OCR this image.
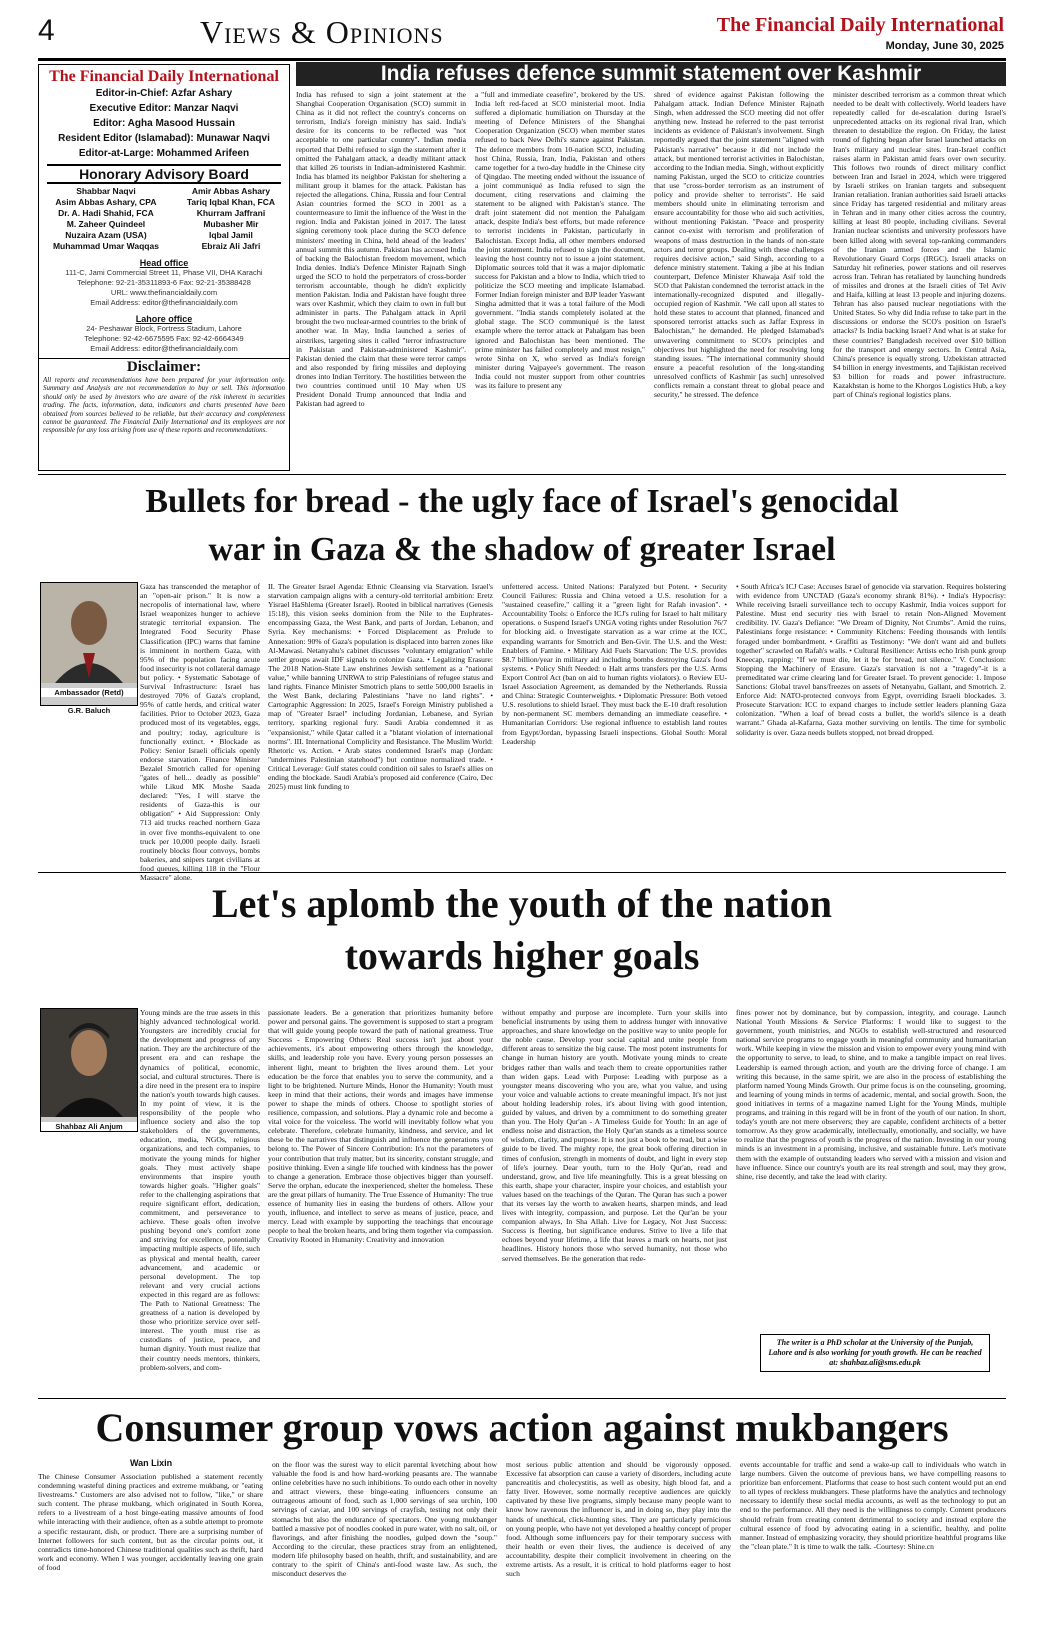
4	Views & Opinions	The Financial Daily International
Monday, June 30, 2025
The Financial Daily International
Editor-in-Chief: Azfar Ashary
Executive Editor: Manzar Naqvi
Editor: Agha Masood Hussain
Resident Editor (Islamabad): Munawar Naqvi
Editor-at-Large: Mohammed Arifeen
Honorary Advisory Board
Shabbar Naqvi
Asim Abbas Ashary, CPA
Dr. A. Hadi Shahid, FCA
M. Zaheer Quindeel
Nuzaira Azam (USA)
Muhammad Umar Waqqas
Amir Abbas Ashary
Tariq Iqbal Khan, FCA
Khurram Jaffrani
Mubasher Mir
Iqbal Jamil
Ebraiz Ali Jafri
Head office
111-C, Jami Commercial Street 11, Phase VII, DHA Karachi
Telephone: 92-21-35311893-6 Fax: 92-21-35388428
URL: www.thefinancialdaily.com
Email Address: editor@thefinancialdaily.com
Lahore office
24- Peshawar Block, Fortress Stadium, Lahore
Telephone: 92-42-6675595 Fax: 92-42-6664349
Email Address: editor@thefinancialdaily.com
Disclaimer:
All reports and recommendations have been prepared for your information only. Summary and Analysis are not recommendation to buy or sell. This information should only be used by investors who are aware of the risk inherent in securities trading. The facts, information, data, indicators and charts presented have been obtained from sources believed to be reliable, but their accuracy and completeness cannot be guaranteed. The Financial Daily International and its employees are not responsible for any loss arising from use of these reports and recommendations.
India refuses defence summit statement over Kashmir
India has refused to sign a joint statement at the Shanghai Cooperation Organisation (SCO) summit in China as it did not reflect the country's concerns on terrorism, India's foreign ministry has said. India's desire for its concerns to be reflected was "not acceptable to one particular country". Indian media reported that Delhi refused to sign the statement after it omitted the Pahalgam attack, a deadly militant attack that killed 26 tourists in Indian-administered Kashmir. India has blamed its neighbor Pakistan for sheltering a militant group it blames for the attack. Pakistan has rejected the allegations. China, Russia and four Central Asian countries formed the SCO in 2001 as a countermeasure to limit the influence of the West in the region. India and Pakistan joined in 2017. The latest signing ceremony took place during the SCO defence ministers' meeting in China, held ahead of the leaders' annual summit this autumn. Pakistan has accused India of backing the Balochistan freedom movement, which India denies. India's Defence Minister Rajnath Singh urged the SCO to hold the perpetrators of cross-border terrorism accountable, though he didn't explicitly mention Pakistan. India and Pakistan have fought three wars over Kashmir, which they claim to own in full but administer in parts. The Pahalgam attack in April brought the two nuclear-armed countries to the brink of another war. In May, India launched a series of airstrikes, targeting sites it called "terror infrastructure in Pakistan and Pakistan-administered Kashmir". Pakistan denied the claim that these were terror camps and also responded by firing missiles and deploying drones into Indian Territory. The hostilities between the two countries continued until 10 May when US President Donald Trump announced that India and Pakistan had agreed to
a "full and immediate ceasefire", brokered by the US. India left red-faced at SCO ministerial moot. India suffered a diplomatic humiliation on Thursday at the meeting of Defence Ministers of the Shanghai Cooperation Organization (SCO) when member states refused to back New Delhi's stance against Pakistan. The defence members from 10-nation SCO, including host China, Russia, Iran, India, Pakistan and others came together for a two-day huddle in the Chinese city of Qingdao. The meeting ended without the issuance of a joint communiqué as India refused to sign the document, citing reservations and claiming the statement to be aligned with Pakistan's stance. The draft joint statement did not mention the Pahalgam attack, despite India's best efforts, but made reference to terrorist incidents in Pakistan, particularly in Balochistan. Except India, all other members endorsed the joint statement. India refused to sign the document, leaving the host country not to issue a joint statement. Diplomatic sources told that it was a major diplomatic success for Pakistan and a blow to India, which tried to politicize the SCO meeting and implicate Islamabad. Former Indian foreign minister and BJP leader Yaswant Singha admitted that it was a total failure of the Modi government. "India stands completely isolated at the global stage. The SCO communiqué is the latest example where the terror attack at Pahalgam has been ignored and Balochistan has been mentioned. The prime minister has failed completely and must resign," wrote Sinha on X, who served as India's foreign minister during Vajpayee's government. The reason India could not muster support from other countries was its failure to present any
shred of evidence against Pakistan following the Pahalgam attack. Indian Defence Minister Rajnath Singh, when addressed the SCO meeting did not offer anything new. Instead he referred to the past terrorist incidents as evidence of Pakistan's involvement. Singh reportedly argued that the joint statement "aligned with Pakistan's narrative" because it did not include the attack, but mentioned terrorist activities in Balochistan, according to the Indian media. Singh, without explicitly naming Pakistan, urged the SCO to criticize countries that use "cross-border terrorism as an instrument of policy and provide shelter to terrorists". He said members should unite in eliminating terrorism and ensure accountability for those who aid such activities, without mentioning Pakistan. "Peace and prosperity cannot co-exist with terrorism and proliferation of weapons of mass destruction in the hands of non-state actors and terror groups. Dealing with these challenges requires decisive action," said Singh, according to a defence ministry statement. Taking a jibe at his Indian counterpart, Defence Minister Khawaja Asif told the SCO that Pakistan condemned the terrorist attack in the internationally-recognized disputed and illegally-occupied region of Kashmir. "We call upon all states to hold these states to account that planned, financed and sponsored terrorist attacks such as Jaffar Express in Balochistan," he demanded. He pledged Islamabad's unwavering commitment to SCO's principles and objectives but highlighted the need for resolving long standing issues. "The international community should ensure a peaceful resolution of the long-standing unresolved conflicts of Kashmir [as such] unresolved conflicts remain a constant threat to global peace and security," he stressed. The defence
minister described terrorism as a common threat which needed to be dealt with collectively. World leaders have repeatedly called for de-escalation during Israel's unprecedented attacks on its regional rival Iran, which threaten to destabilize the region. On Friday, the latest round of fighting began after Israel launched attacks on Iran's military and nuclear sites. Iran-Israel conflict raises alarm in Pakistan amid fears over own security. This follows two rounds of direct military conflict between Iran and Israel in 2024, which were triggered by Israeli strikes on Iranian targets and subsequent Iranian retaliation. Iranian authorities said Israeli attacks since Friday has targeted residential and military areas in Tehran and in many other cities across the country, killing at least 80 people, including civilians. Several Iranian nuclear scientists and university professors have been killed along with several top-ranking commanders of the Iranian armed forces and the Islamic Revolutionary Guard Corps (IRGC). Israeli attacks on Saturday hit refineries, power stations and oil reserves across Iran. Tehran has retaliated by launching hundreds of missiles and drones at the Israeli cities of Tel Aviv and Haifa, killing at least 13 people and injuring dozens. Tehran has also paused nuclear negotiations with the United States. So why did India refuse to take part in the discussions or endorse the SCO's position on Israel's attacks? Is India backing Israel? And what is at stake for these countries? Bangladesh received over $10 billion for the transport and energy sectors. In Central Asia, China's presence is equally strong. Uzbekistan attracted $4 billion in energy investments, and Tajikistan received $3 billion for roads and power infrastructure. Kazakhstan is home to the Khorgos Logistics Hub, a key part of China's regional logistics plans.
Bullets for bread - the ugly face of Israel's genocidal
war in Gaza & the shadow of greater Israel
Ambassador (Retd)
G.R. Baluch
Gaza has transcended the metaphor of an "open-air prison." It is now a necropolis of international law, where Israel weaponizes hunger to achieve strategic territorial expansion. The Integrated Food Security Phase Classification (IPC) warns that famine is imminent in northern Gaza, with 95% of the population facing acute food insecurity is not collateral damage but policy. • Systematic Sabotage of Survival Infrastructure: Israel has destroyed 70% of Gaza's cropland, 95% of cattle herds, and critical water facilities. Prior to October 2023, Gaza produced most of its vegetables, eggs, and poultry; today, agriculture is functionally extinct. • Blockade as Policy: Senior Israeli officials openly endorse starvation. Finance Minister Bezalel Smotrich called for opening "gates of hell... deadly as possible" while Likud MK Moshe Saada declared: "Yes, I will starve the residents of Gaza-this is our obligation" • Aid Suppression: Only 713 aid trucks reached northern Gaza in over five months-equivalent to one truck per 10,000 people daily. Israeli routinely blocks flour convoys, bombs bakeries, and snipers target civilians at food queues, killing 118 in the "Flour Massacre" alone.
II. The Greater Israel Agenda: Ethnic Cleansing via Starvation. Israel's starvation campaign aligns with a century-old territorial ambition: Eretz Yisrael HaShlema (Greater Israel). Rooted in biblical narratives (Genesis 15:18), this vision seeks dominion from the Nile to the Euphrates-encompassing Gaza, the West Bank, and parts of Jordan, Lebanon, and Syria. Key mechanisms: • Forced Displacement as Prelude to Annexation: 90% of Gaza's population is displaced into barren zones like Al-Mawasi. Netanyahu's cabinet discusses "voluntary emigration" while settler groups await IDF signals to colonize Gaza. • Legalizing Erasure: The 2018 Nation-State Law enshrines Jewish settlement as a "national value," while banning UNRWA to strip Palestinians of refugee status and land rights. Finance Minister Smotrich plans to settle 500,000 Israelis in the West Bank, declaring Palestinians "have no land rights". • Cartographic Aggression: In 2025, Israel's Foreign Ministry published a map of "Greater Israel" including Jordanian, Lebanese, and Syrian territory, sparking regional fury. Saudi Arabia condemned it as "expansionist," while Qatar called it a "blatant violation of international norms". III. International Complicity and Resistance. The Muslim World: Rhetoric vs. Action. • Arab states condemned Israel's map (Jordan: "undermines Palestinian statehood") but continue normalized trade. • Critical Leverage: Gulf states could condition oil sales to Israel's allies on ending the blockade. Saudi Arabia's proposed aid conference (Cairo, Dec 2025) must link funding to
unfettered access. United Nations: Paralyzed but Potent. • Security Council Failures: Russia and China vetoed a U.S. resolution for a "sustained ceasefire," calling it a "green light for Rafah invasion". • Accountability Tools: o Enforce the ICJ's ruling for Israel to halt military operations. o Suspend Israel's UNGA voting rights under Resolution 76/7 for blocking aid. o Investigate starvation as a war crime at the ICC, expanding warrants for Smotrich and Ben-Gvir. The U.S. and the West: Enablers of Famine. • Military Aid Fuels Starvation: The U.S. provides $8.7 billion/year in military aid including bombs destroying Gaza's food systems. • Policy Shift Needed: o Halt arms transfers per the U.S. Arms Export Control Act (ban on aid to human rights violators). o Review EU-Israel Association Agreement, as demanded by the Netherlands. Russia and China: Strategic Counterweights. • Diplomatic Pressure: Both vetoed U.S. resolutions to shield Israel. They must back the E-10 draft resolution by non-permanent SC members demanding an immediate ceasefire. • Humanitarian Corridors: Use regional influence to establish land routes from Egypt/Jordan, bypassing Israeli inspections. Global South: Moral Leadership
• South Africa's ICJ Case: Accuses Israel of genocide via starvation. Requires bolstering with evidence from UNCTAD (Gaza's economy shrank 81%). • India's Hypocrisy: While receiving Israeli surveillance tech to occupy Kashmir, India voices support for Palestine. Must end security ties with Israel to retain Non-Aligned Movement credibility. IV. Gaza's Defiance: "We Dream of Dignity, Not Crumbs". Amid the ruins, Palestinians forge resistance: • Community Kitchens: Feeding thousands with lentils foraged under bombardment. • Graffiti as Testimony: "We don't want aid and bullets together" scrawled on Rafah's walls. • Cultural Resilience: Artists echo Irish punk group Kneecap, rapping: "If we must die, let it be for bread, not silence." V. Conclusion: Stopping the Machinery of Erasure. Gaza's starvation is not a "tragedy"-it is a premeditated war crime clearing land for Greater Israel. To prevent genocide: 1. Impose Sanctions: Global travel bans/freezes on assets of Netanyahu, Gallant, and Smotrich. 2. Enforce Aid: NATO-protected convoys from Egypt, overriding Israeli blockades. 3. Prosecute Starvation: ICC to expand charges to include settler leaders planning Gaza colonization. "When a loaf of bread costs a bullet, the world's silence is a death warrant." Ghada al-Kafarna, Gaza mother surviving on lentils. The time for symbolic solidarity is over. Gaza needs bullets stopped, not bread dropped.
Let's aplomb the youth of the nation
towards higher goals
Shahbaz Ali Anjum
Young minds are the true assets in this highly advanced technological world. Youngsters are incredibly crucial for the development and progress of any nation. They are the architecture of the present era and can reshape the dynamics of political, economic, social, and cultural structures. There is a dire need in the present era to inspire the nation's youth towards high causes. In my point of view, it is the responsibility of the people who influence society and also the top stakeholders of the governments, education, media, NGOs, religious organizations, and tech companies, to motivate the young minds for higher goals. They must actively shape environments that inspire youth towards higher goals. "Higher goals" refer to the challenging aspirations that require significant effort, dedication, commitment, and perseverance to achieve. These goals often involve pushing beyond one's comfort zone and striving for excellence, potentially impacting multiple aspects of life, such as physical and mental health, career advancement, and academic or personal development. The top relevant and very crucial actions expected in this regard are as follows: The Path to National Greatness: The greatness of a nation is developed by those who prioritize service over self-interest. The youth must rise as custodians of justice, peace, and human dignity. Youth must realize that their country needs mentors, thinkers, problem-solvers, and com-
passionate leaders. Be a generation that prioritizes humanity before power and personal gains. The government is supposed to start a program that will guide young people toward the path of national greatness. True Success - Empowering Others: Real success isn't just about your achievements, it's about empowering others through the knowledge, skills, and leadership role you have. Every young person possesses an inherent light, meant to brighten the lives around them. Let your education be the force that enables you to serve the community, and a light to be brightened. Nurture Minds, Honor the Humanity: Youth must keep in mind that their actions, their words and images have immense power to shape the minds of others. Choose to spotlight stories of resilience, compassion, and solutions. Play a dynamic role and become a vital voice for the voiceless. The world will inevitably follow what you celebrate. Therefore, celebrate humanity, kindness, and service, and let these be the narratives that distinguish and influence the generations you belong to. The Power of Sincere Contribution: It's not the parameters of your contribution that truly matter, but its sincerity, constant struggle, and positive thinking. Even a single life touched with kindness has the power to change a generation. Embrace those objectives bigger than yourself. Serve the orphan, educate the inexperienced, shelter the homeless. These are the great pillars of humanity. The True Essence of Humanity: The true essence of humanity lies in easing the burdens of others. Allow your youth, influence, and intellect to serve as means of justice, peace, and mercy. Lead with example by supporting the teachings that encourage people to heal the broken hearts, and bring them together via compassion. Creativity Rooted in Humanity: Creativity and innovation
without empathy and purpose are incomplete. Turn your skills into beneficial instruments by using them to address hunger with innovative approaches, and share knowledge on the positive way to unite people for the noble cause. Develop your social capital and unite people from different areas to sensitize the big cause. The most potent instruments for change in human history are youth. Motivate young minds to create bridges rather than walls and teach them to create opportunities rather than widen gaps. Lead with Purpose: Leading with purpose as a youngster means discovering who you are, what you value, and using your voice and valuable actions to create meaningful impact. It's not just about holding leadership roles, it's about living with good intention, guided by values, and driven by a commitment to do something greater than you. The Holy Qur'an - A Timeless Guide for Youth: In an age of endless noise and distraction, the Holy Qur'an stands as a timeless source of wisdom, clarity, and purpose. It is not just a book to be read, but a wise guide to be lived. The mighty rope, the great book offering direction in times of confusion, strength in moments of doubt, and light in every step of life's journey. Dear youth, turn to the Holy Qur'an, read and understand, grow, and live life meaningfully. This is a great blessing on this earth, shape your character, inspire your choices, and establish your values based on the teachings of the Quran. The Quran has such a power that its verses lay the worth to awaken hearts, sharpen minds, and lead lives with integrity, compassion, and purpose. Let the Qur'an be your companion always, In Sha Allah. Live for Legacy, Not Just Success: Success is fleeting, but significance endures. Strive to live a life that echoes beyond your lifetime, a life that leaves a mark on hearts, not just headlines. History honors those who served humanity, not those who served themselves. Be the generation that rede-
fines power not by dominance, but by compassion, integrity, and courage. Launch National Youth Missions & Service Platforms: I would like to suggest to the government, youth ministries, and NGOs to establish well-structured and resourced national service programs to engage youth in meaningful community and humanitarian work. While keeping in view the mission and vision to empower every young mind with the opportunity to serve, to lead, to shine, and to make a tangible impact on real lives. Leadership is earned through action, and youth are the driving force of change. I am writing this because, in the same spirit, we are also in the process of establishing the platform named Young Minds Growth. Our prime focus is on the counseling, grooming, and learning of young minds in terms of academic, mental, and social growth. Soon, the good initiatives in terms of a magazine named Light for the Young Minds, multiple programs, and training in this regard will be in front of the youth of our nation. In short, today's youth are not mere observers; they are capable, confident architects of a better tomorrow. As they grow academically, intellectually, emotionally, and socially, we have to realize that the progress of youth is the progress of the nation. Investing in our young minds is an investment in a promising, inclusive, and sustainable future. Let's motivate them with the example of outstanding leaders who served with a mission and vision and have influence. Since our country's youth are its real strength and soul, may they grow, shine, rise decently, and take the lead with clarity.
The writer is a PhD scholar at the University of the Punjab, Lahore and is also working for youth growth. He can be reached at: shahbaz.ali@sms.edu.pk
Consumer group vows action against mukbangers
Wan Lixin
The Chinese Consumer Association published a statement recently condemning wasteful dining practices and extreme mukbang, or "eating livestreams." Customers are also advised not to follow, "like," or share such content. The phrase mukbang, which originated in South Korea, refers to a livestream of a host binge-eating massive amounts of food while interacting with their audience, often as a subtle attempt to promote a specific restaurant, dish, or product. There are a surprising number of Internet followers for such content, but as the circular points out, it contradicts time-honored Chinese traditional qualities such as thrift, hard work and economy. When I was younger, accidentally leaving one grain of food
on the floor was the surest way to elicit parental kvetching about how valuable the food is and how hard-working peasants are. The wannabe online celebrities have no such inhibitions. To outdo each other in novelty and attract viewers, these binge-eating influencers consume an outrageous amount of food, such as 1,000 servings of sea urchin, 100 servings of caviar, and 100 servings of crayfish, testing not only their stomachs but also the endurance of spectators. One young mukbanger battled a massive pot of noodles cooked in pure water, with no salt, oil, or flavorings, and after finishing the noodles, gulped down the "soup." According to the circular, these practices stray from an enlightened, modern life philosophy based on health, thrift, and sustainability, and are contrary to the spirit of China's anti-food waste law. As such, the misconduct deserves the
most serious public attention and should be vigorously opposed. Excessive fat absorption can cause a variety of disorders, including acute pancreatitis and cholecystitis, as well as obesity, high blood fat, and a fatty liver. However, some normally receptive audiences are quickly captivated by these live programs, simply because many people want to know how ravenous the influencer is, and in doing so, they play into the hands of unethical, click-hunting sites. They are particularly pernicious on young people, who have not yet developed a healthy concept of proper food. Although some influencers pay for their temporary success with their health or even their lives, the audience is deceived of any accountability, despite their complicit involvement in cheering on the extreme artists. As a result, it is critical to hold platforms eager to host such
events accountable for traffic and send a wake-up call to individuals who watch in large numbers. Given the outcome of previous bans, we have compelling reasons to prioritize ban enforcement. Platforms that cease to host such content would put an end to all types of reckless mukbangers. These platforms have the analytics and technology necessary to identify these social media accounts, as well as the technology to put an end to the performance. All they need is the willingness to comply. Content producers should refrain from creating content detrimental to society and instead explore the cultural essence of food by advocating eating in a scientific, healthy, and polite manner. Instead of emphasizing voracity, they should prioritize healthful programs like the "clean plate." It is time to walk the talk. -Courtesy: Shine.cn
